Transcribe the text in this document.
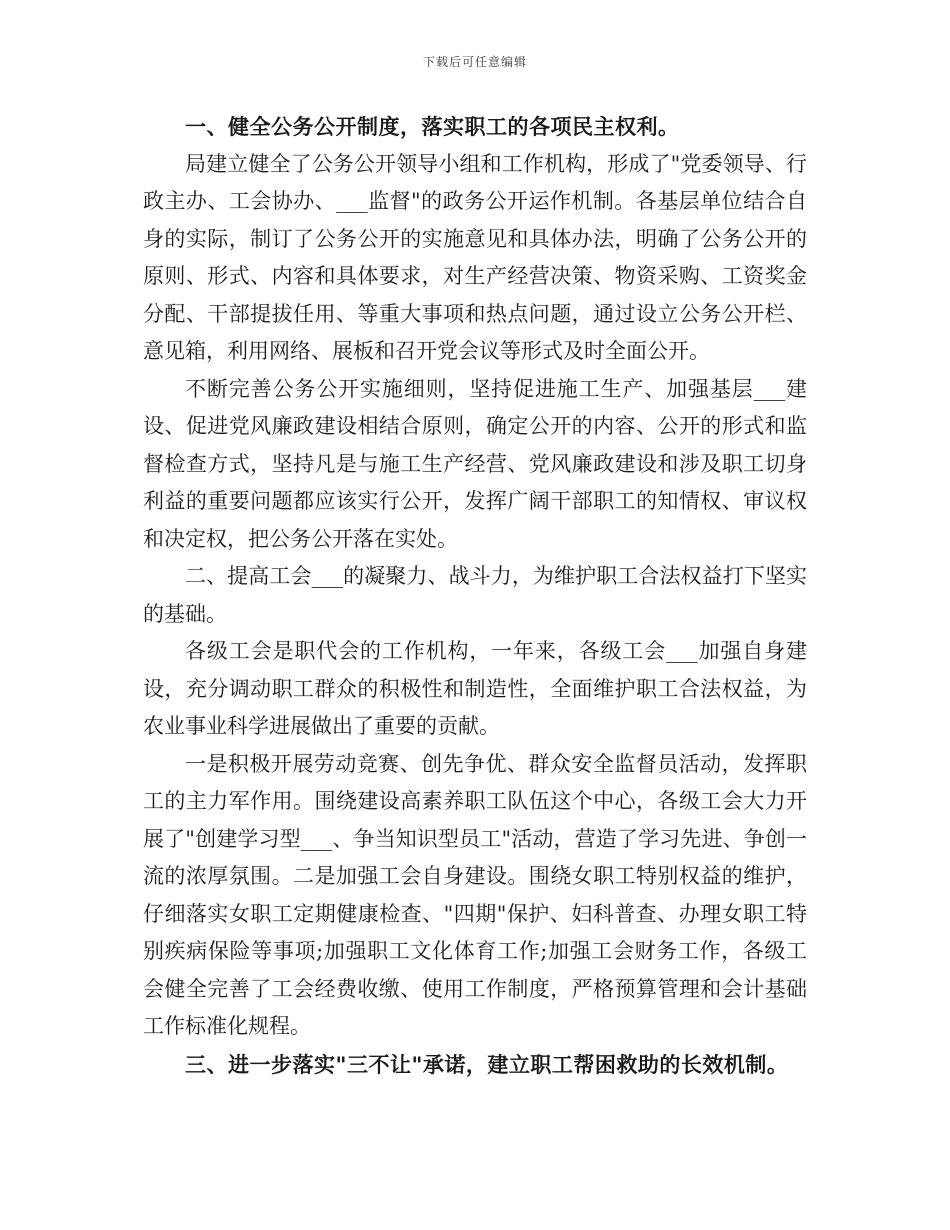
下载后可任意编辑

一、健全公务公开制度，落实职工的各项民主权利。

局建立健全了公务公开领导小组和工作机构，形成了"党委领导、行政主办、工会协办、___监督"的政务公开运作机制。各基层单位结合自身的实际，制订了公务公开的实施意见和具体办法，明确了公务公开的原则、形式、内容和具体要求，对生产经营决策、物资采购、工资奖金分配、干部提拔任用、等重大事项和热点问题，通过设立公务公开栏、意见箱，利用网络、展板和召开党会议等形式及时全面公开。

不断完善公务公开实施细则，坚持促进施工生产、加强基层___建设、促进党风廉政建设相结合原则，确定公开的内容、公开的形式和监督检查方式，坚持凡是与施工生产经营、党风廉政建设和涉及职工切身利益的重要问题都应该实行公开，发挥广阔干部职工的知情权、审议权和决定权，把公务公开落在实处。

二、提高工会___的凝聚力、战斗力，为维护职工合法权益打下坚实的基础。

各级工会是职代会的工作机构，一年来，各级工会___加强自身建设，充分调动职工群众的积极性和制造性，全面维护职工合法权益，为农业事业科学进展做出了重要的贡献。

一是积极开展劳动竞赛、创先争优、群众安全监督员活动，发挥职工的主力军作用。围绕建设高素养职工队伍这个中心，各级工会大力开展了"创建学习型___、争当知识型员工"活动，营造了学习先进、争创一流的浓厚氛围。二是加强工会自身建设。围绕女职工特别权益的维护，仔细落实女职工定期健康检查、"四期"保护、妇科普查、办理女职工特别疾病保险等事项;加强职工文化体育工作;加强工会财务工作，各级工会健全完善了工会经费收缴、使用工作制度，严格预算管理和会计基础工作标准化规程。

三、进一步落实"三不让"承诺，建立职工帮困救助的长效机制。
